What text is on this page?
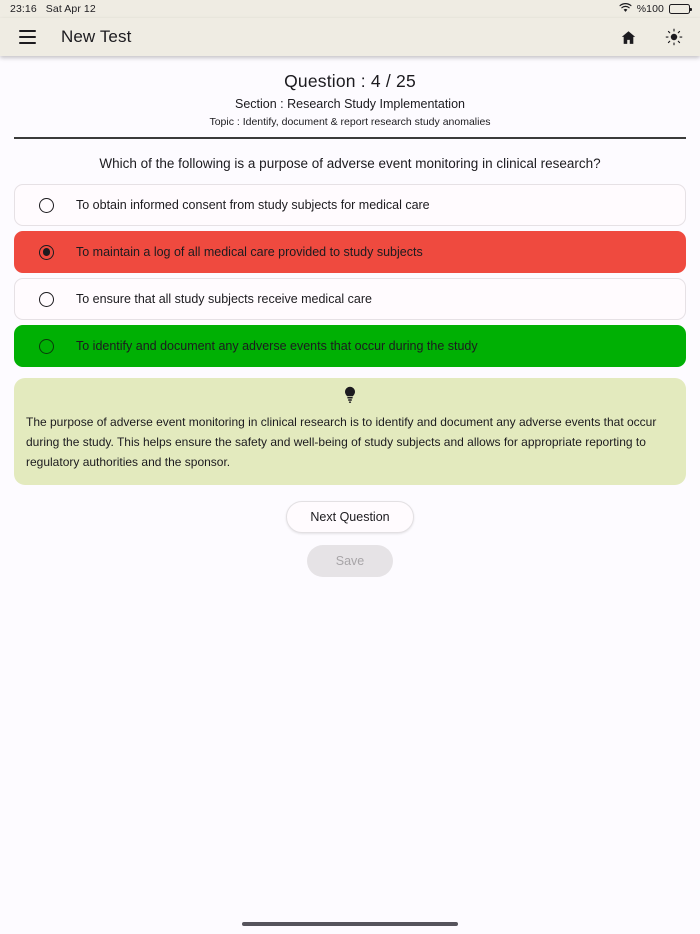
23:16 Sat Apr 12	%100
New Test
Question : 4 / 25
Section : Research Study Implementation
Topic : Identify, document & report research study anomalies
Which of the following is a purpose of adverse event monitoring in clinical research?
To obtain informed consent from study subjects for medical care
To maintain a log of all medical care provided to study subjects
To ensure that all study subjects receive medical care
To identify and document any adverse events that occur during the study
The purpose of adverse event monitoring in clinical research is to identify and document any adverse events that occur during the study. This helps ensure the safety and well-being of study subjects and allows for appropriate reporting to regulatory authorities and the sponsor.
Next Question
Save
